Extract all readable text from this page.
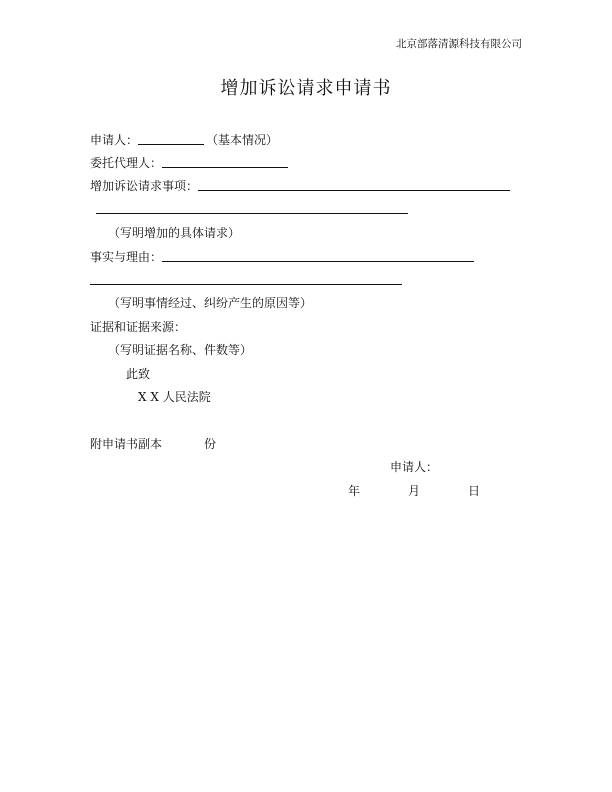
北京部落清源科技有限公司
增加诉讼请求申请书
申请人：	（基本情况）
委托代理人：
增加诉讼请求事项：
（写明增加的具体请求）
事实与理由：
（写明事情经过、纠纷产生的原因等）
证据和证据来源：
（写明证据名称、件数等）
此致
X X 人民法院
附申请书副本	份
申请人：
年	月	日
